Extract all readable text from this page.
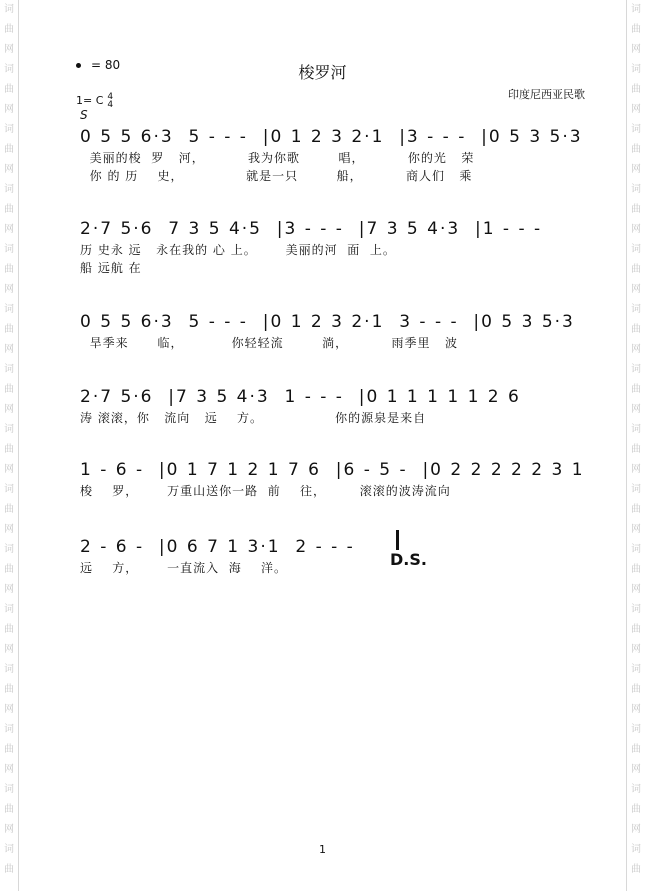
词
曲
网
词
曲
网
词
曲
网
词
曲
网
词
曲
网
词
曲
网
词
曲
网
词
曲
网
词
曲
网
词
曲
网
词
曲
网
词
曲
网
词
曲
网
词
曲
网
词
曲
词
曲
网
词
曲
网
词
曲
网
词
曲
网
词
曲
网
词
曲
网
词
曲
网
词
曲
网
词
曲
网
词
曲
网
词
曲
网
词
曲
网
词
曲
网
词
曲
网
词
曲
= 80
1= C 4
4
S
梭罗河
印度尼西亚民歌
0 5 5 6·3  5 - - -  |0 1 2 3 2·1  |3 - - -  |0 5 3 5·3
美丽的梭  罗   河，         我为你歌        唱，         你的光   荣
你 的 历    史，             就是一只        船，         商人们   乘
2·7 5·6  7 3 5 4·5  |3 - - -  |7 3 5 4·3  |1 - - -
历 史永 远   永在我的 心 上。      美丽的河  面  上。
船 远航 在
0 5 5 6·3  5 - - -  |0 1 2 3 2·1  3 - - -  |0 5 3 5·3
旱季来      临，          你轻轻流        淌，         雨季里   波
2·7 5·6  |7 3 5 4·3  1 - - -  |0 1 1 1 1 1 2 6
涛 滚滚，你   流向   远    方。               你的源泉是来自
1 - 6 -  |0 1 7 1 2 1 7 6  |6 - 5 -  |0 2 2 2 2 2 3 1
梭    罗，      万重山送你一路  前    往，       滚滚的波涛流向
2 - 6 -  |0 6 7 1 3·1  2 - - -
远    方，      一直流入  海    洋。	D.S.
1
